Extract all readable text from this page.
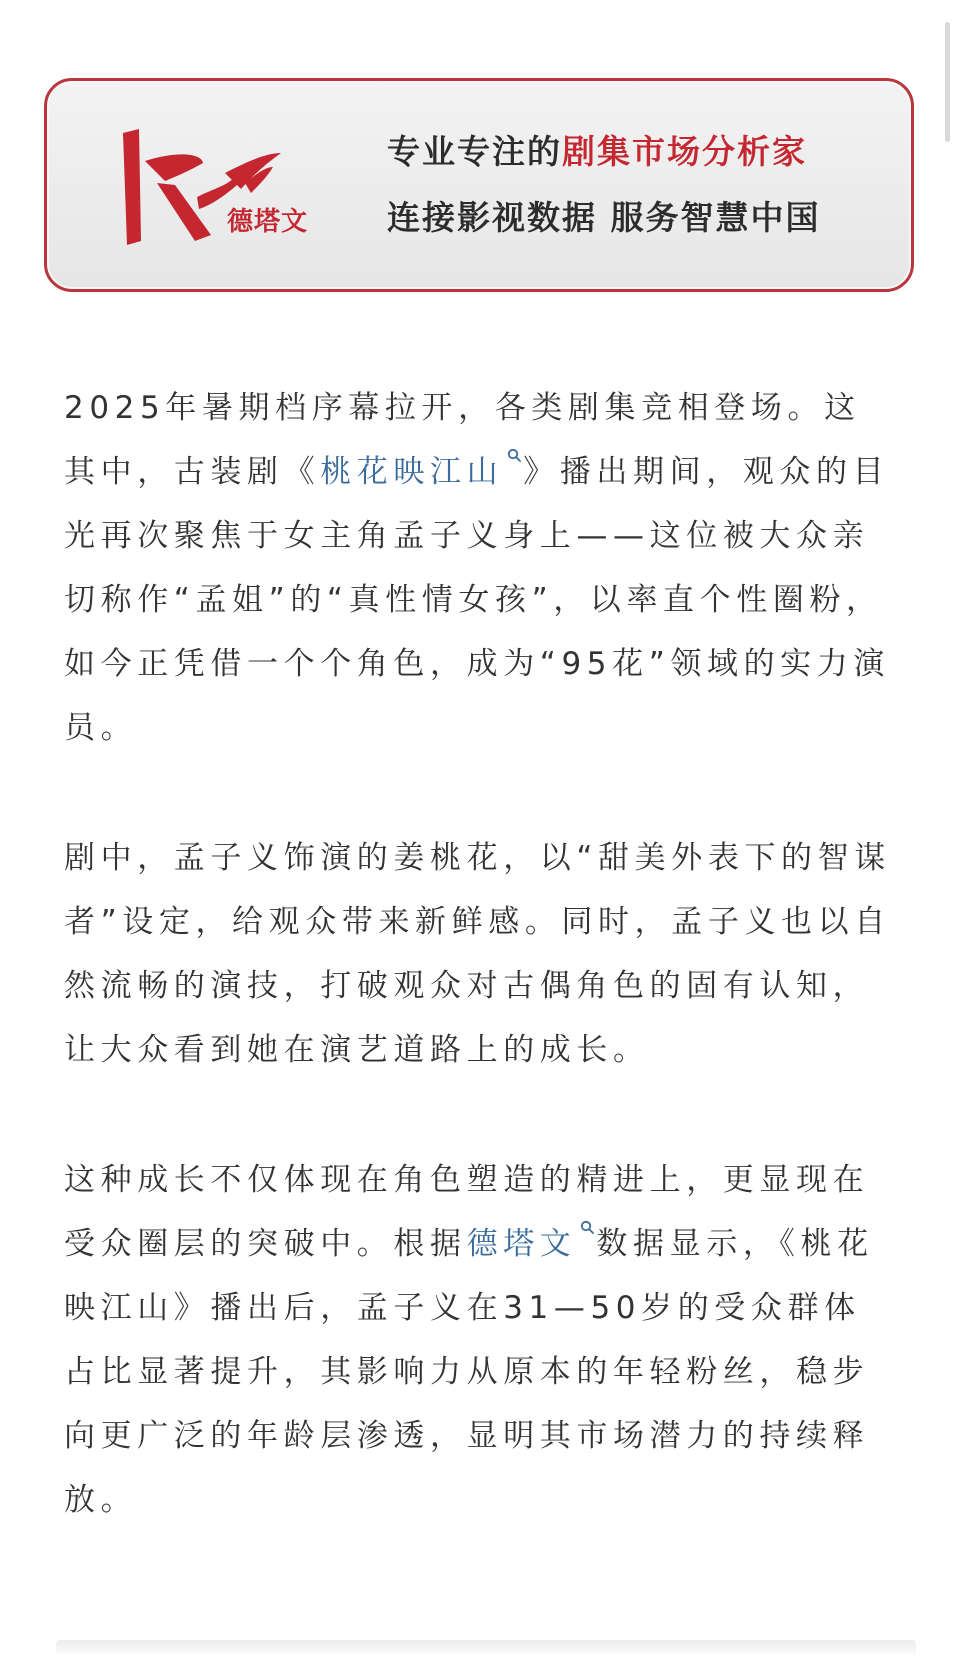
德塔文
专业专注的剧集市场分析家
连接影视数据 服务智慧中国

2025年暑期档序幕拉开，各类剧集竞相登场。这其中，古装剧《桃花映江山 》播出期间，观众的目光再次聚焦于女主角孟子义身上——这位被大众亲切称作“孟姐”的“真性情女孩”，以率直个性圈粉，如今正凭借一个个角色，成为“95花”领域的实力演员。

剧中，孟子义饰演的姜桃花，以“甜美外表下的智谋者”设定，给观众带来新鲜感。同时，孟子义也以自然流畅的演技，打破观众对古偶角色的固有认知，让大众看到她在演艺道路上的成长。

这种成长不仅体现在角色塑造的精进上，更显现在受众圈层的突破中。根据德塔文 数据显示，《桃花映江山》播出后，孟子义在31—50岁的受众群体占比显著提升，其影响力从原本的年轻粉丝，稳步向更广泛的年龄层渗透，显明其市场潜力的持续释放。
